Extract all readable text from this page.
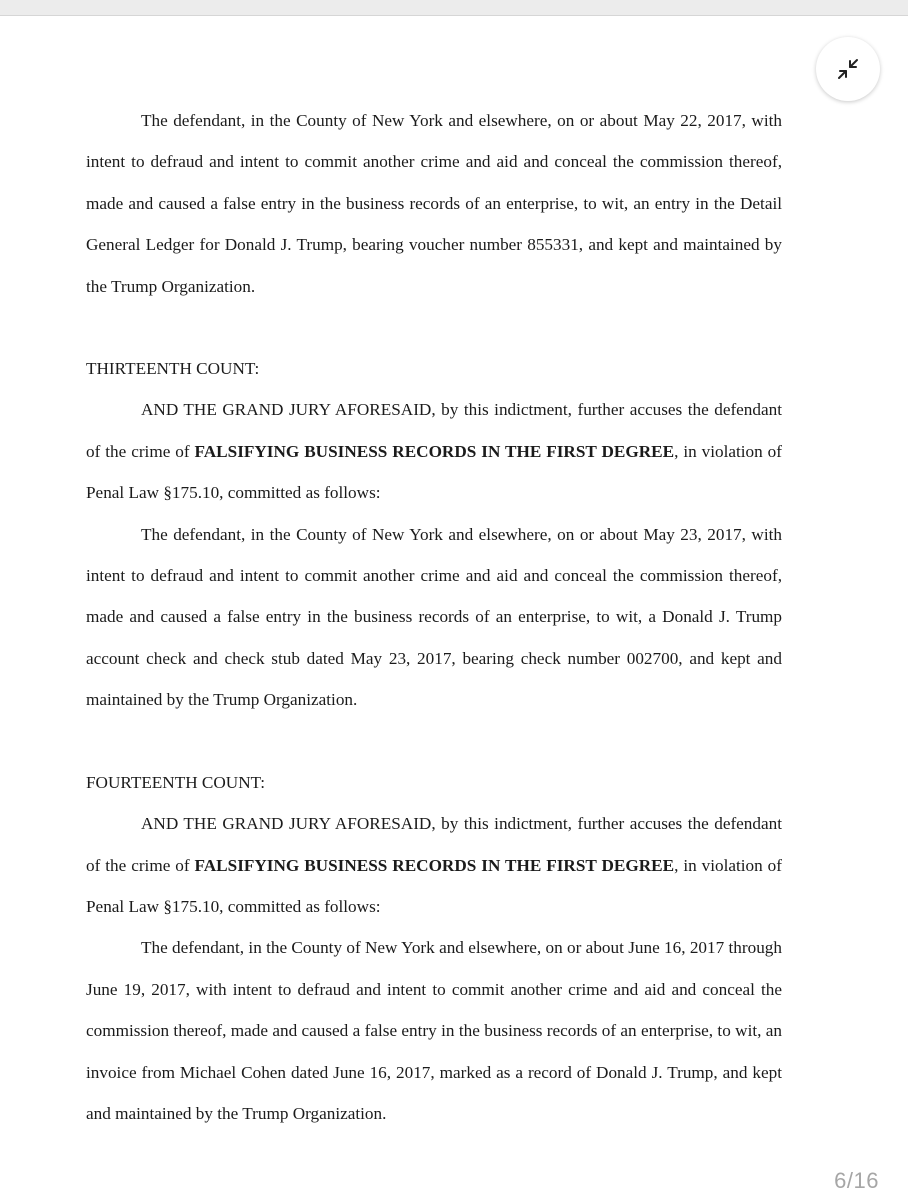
The defendant, in the County of New York and elsewhere, on or about May 22, 2017, with intent to defraud and intent to commit another crime and aid and conceal the commission thereof, made and caused a false entry in the business records of an enterprise, to wit, an entry in the Detail General Ledger for Donald J. Trump, bearing voucher number 855331, and kept and maintained by the Trump Organization.

THIRTEENTH COUNT:

AND THE GRAND JURY AFORESAID, by this indictment, further accuses the defendant of the crime of FALSIFYING BUSINESS RECORDS IN THE FIRST DEGREE, in violation of Penal Law §175.10, committed as follows:

The defendant, in the County of New York and elsewhere, on or about May 23, 2017, with intent to defraud and intent to commit another crime and aid and conceal the commission thereof, made and caused a false entry in the business records of an enterprise, to wit, a Donald J. Trump account check and check stub dated May 23, 2017, bearing check number 002700, and kept and maintained by the Trump Organization.

FOURTEENTH COUNT:

AND THE GRAND JURY AFORESAID, by this indictment, further accuses the defendant of the crime of FALSIFYING BUSINESS RECORDS IN THE FIRST DEGREE, in violation of Penal Law §175.10, committed as follows:

The defendant, in the County of New York and elsewhere, on or about June 16, 2017 through June 19, 2017, with intent to defraud and intent to commit another crime and aid and conceal the commission thereof, made and caused a false entry in the business records of an enterprise, to wit, an invoice from Michael Cohen dated June 16, 2017, marked as a record of Donald J. Trump, and kept and maintained by the Trump Organization.

6/16
